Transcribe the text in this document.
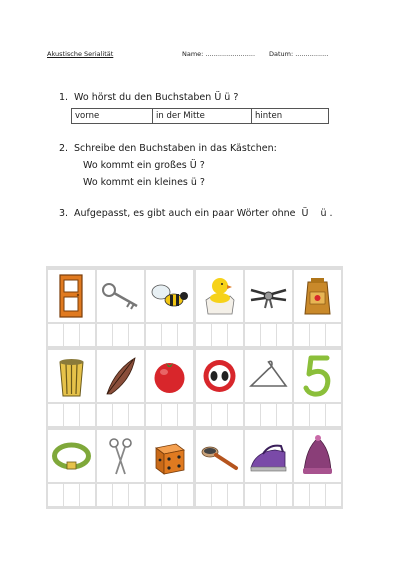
Akustische Serialität	Name: ........................ Datum: ................
1. Wo hörst du den Buchstaben Ü ü ?
vorne	in der Mitte	hinten
2. Schreibe den Buchstaben in das Kästchen:
Wo kommt ein großes Ü ?
Wo kommt ein kleines ü ?
3. Aufgepasst, es gibt auch ein paar Wörter ohne Ü ü .
